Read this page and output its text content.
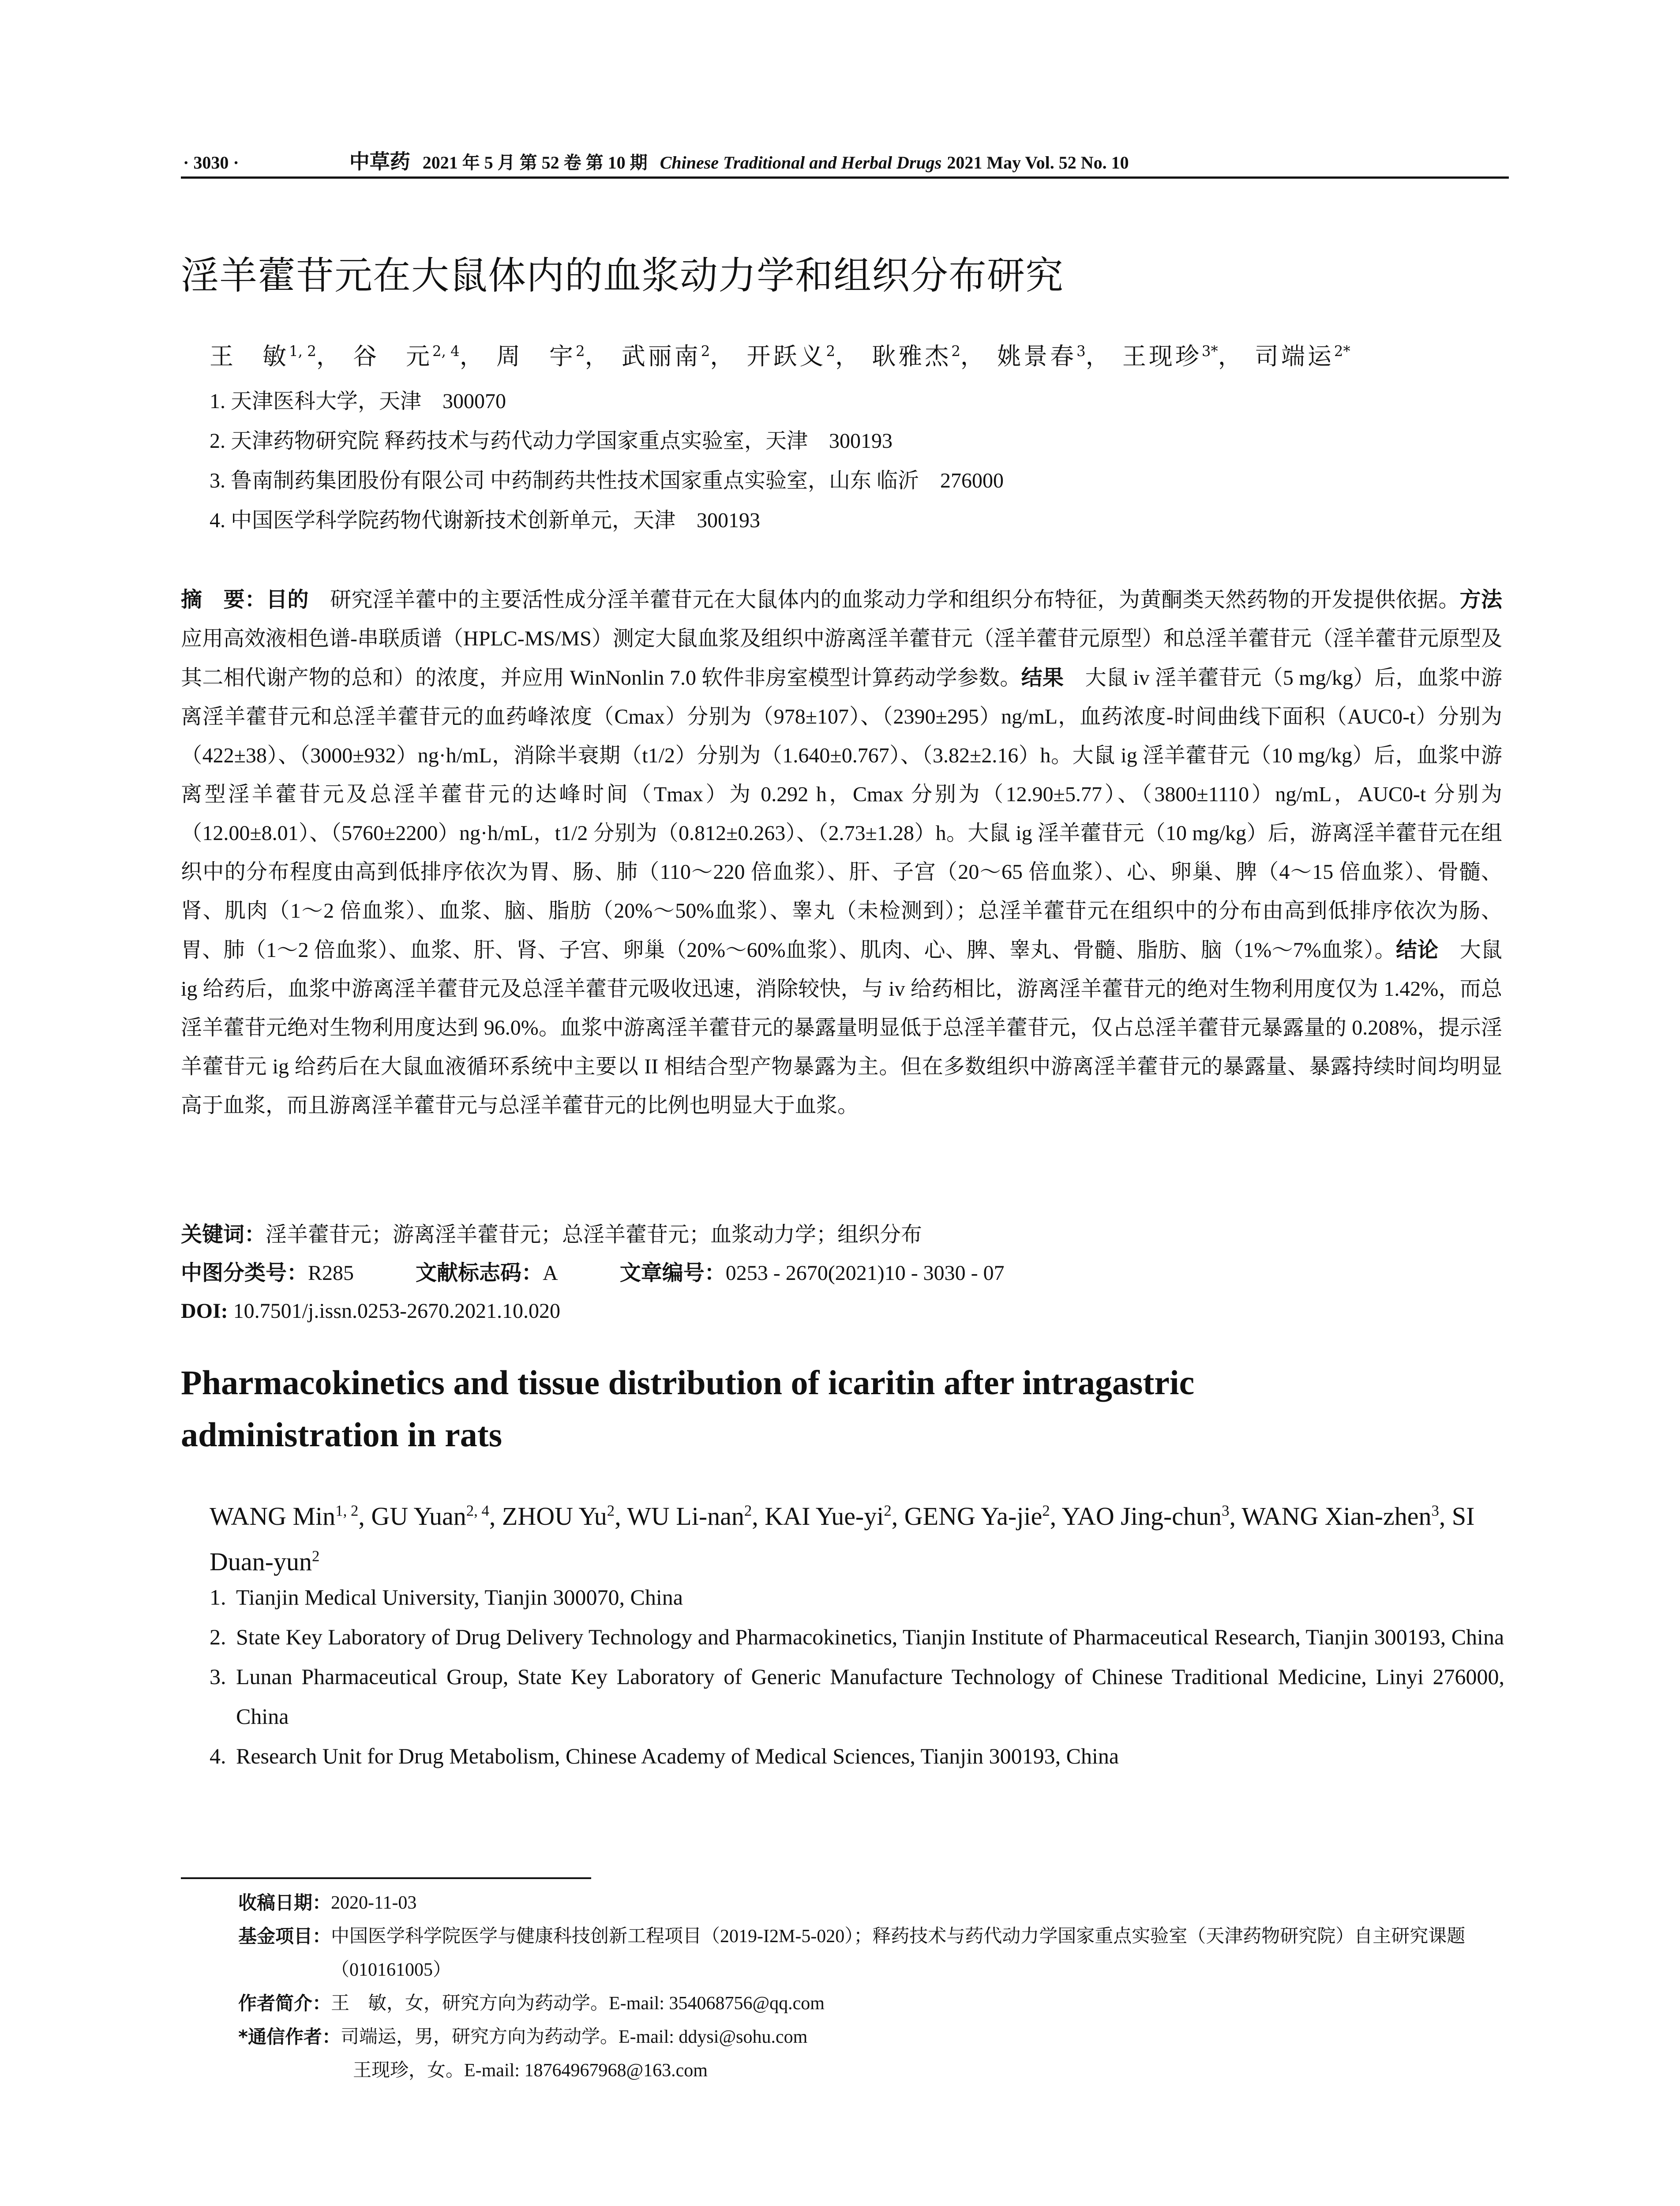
· 3030 ·	中草药 2021 年 5 月 第 52 卷 第 10 期 Chinese Traditional and Herbal Drugs 2021 May Vol. 52 No. 10
淫羊藿苷元在大鼠体内的血浆动力学和组织分布研究
王　敏$^{1, 2}$， 谷　元$^{2, 4}$， 周　宇$^2$， 武丽南$^2$， 开跃义$^2$， 耿雅杰$^2$， 姚景春$^3$， 王现珍$^{3*}$， 司端运$^{2*}$
1. 天津医科大学，天津　300070
2. 天津药物研究院 释药技术与药代动力学国家重点实验室，天津　300193
3. 鲁南制药集团股份有限公司 中药制药共性技术国家重点实验室，山东 临沂　276000
4. 中国医学科学院药物代谢新技术创新单元，天津　300193
摘　要：目的　 研究淫羊藿中的主要活性成分淫羊藿苷元在大鼠体内的血浆动力学和组织分布特征，为黄酮类天然药物的开发提供依据。方法　应用高效液相色谱-串联质谱（HPLC-MS/MS）测定大鼠血浆及组织中游离淫羊藿苷元（淫羊藿苷元原型）和总淫羊藿苷元（淫羊藿苷元原型及其二相代谢产物的总和）的浓度，并应用 WinNonlin 7.0 软件非房室模型计算药动学参数。结果　 大鼠 iv 淫羊藿苷元（5 mg/kg）后，血浆中游离淫羊藿苷元和总淫羊藿苷元的血药峰浓度（Cmax）分别为（978±107）、（2390±295）ng/mL，血药浓度-时间曲线下面积（AUC0-t）分别为（422±38）、（3000±932）ng·h/mL，消除半衰期（t1/2）分别为（1.640±0.767）、（3.82±2.16）h。大鼠 ig 淫羊藿苷元（10 mg/kg）后，血浆中游离型淫羊藿苷元及总淫羊藿苷元的达峰时间（Tmax）为 0.292 h，Cmax 分别为（12.90±5.77）、（3800±1110）ng/mL，AUC0-t 分别为（12.00±8.01）、（5760±2200）ng·h/mL，t1/2 分别为（0.812±0.263）、（2.73±1.28）h。大鼠 ig 淫羊藿苷元（10 mg/kg）后，游离淫羊藿苷元在组织中的分布程度由高到低排序依次为胃、肠、肺（110～220 倍血浆）、肝、子宫（20～65 倍血浆）、心、卵巢、脾（4～15 倍血浆）、骨髓、肾、肌肉（1～2 倍血浆）、血浆、脑、脂肪（20%～50%血浆）、睾丸（未检测到）；总淫羊藿苷元在组织中的分布由高到低排序依次为肠、胃、肺（1～2 倍血浆）、血浆、肝、肾、子宫、卵巢（20%～60%血浆）、肌肉、心、脾、睾丸、骨髓、脂肪、脑（1%～7%血浆）。结论　 大鼠 ig 给药后，血浆中游离淫羊藿苷元及总淫羊藿苷元吸收迅速，消除较快，与 iv 给药相比，游离淫羊藿苷元的绝对生物利用度仅为 1.42%，而总淫羊藿苷元绝对生物利用度达到 96.0%。血浆中游离淫羊藿苷元的暴露量明显低于总淫羊藿苷元，仅占总淫羊藿苷元暴露量的 0.208%，提示淫羊藿苷元 ig 给药后在大鼠血液循环系统中主要以 II 相结合型产物暴露为主。但在多数组织中游离淫羊藿苷元的暴露量、暴露持续时间均明显高于血浆，而且游离淫羊藿苷元与总淫羊藿苷元的比例也明显大于血浆。
关键词：淫羊藿苷元；游离淫羊藿苷元；总淫羊藿苷元；血浆动力学；组织分布
中图分类号：R285	文献标志码：A	文章编号：0253 - 2670(2021)10 - 3030 - 07
DOI: 10.7501/j.issn.0253-2670.2021.10.020
Pharmacokinetics and tissue distribution of icaritin after intragastric
administration in rats
WANG Min$^{1, 2}$, GU Yuan$^{2, 4}$, ZHOU Yu$^2$, WU Li-nan$^2$, KAI Yue-$yi^2$, GENG Ya-jie$^2$, YAO Jing-chun$^3$, WANG Xian-zhen$^3$, SI Duan-yun$^2$
1. Tianjin Medical University, Tianjin 300070, China
2. State Key Laboratory of Drug Delivery Technology and Pharmacokinetics, Tianjin Institute of Pharmaceutical Research, Tianjin 300193, China
3. Lunan Pharmaceutical Group, State Key Laboratory of Generic Manufacture Technology of Chinese Traditional Medicine, Linyi 276000, China
4. Research Unit for Drug Metabolism, Chinese Academy of Medical Sciences, Tianjin 300193, China
收稿日期： 2020-11-03
基金项目： 中国医学科学院医学与健康科技创新工程项目（2019-I2M-5-020）；释药技术与药代动力学国家重点实验室（天津药物研究院）自主研究课题（010161005）
作者简介： 王　敏，女，研究方向为药动学。E-mail: 354068756@qq.com
*通信作者： 司端运，男，研究方向为药动学。E-mail: ddysi@sohu.com
王现珍，女。E-mail: 18764967968@163.com
